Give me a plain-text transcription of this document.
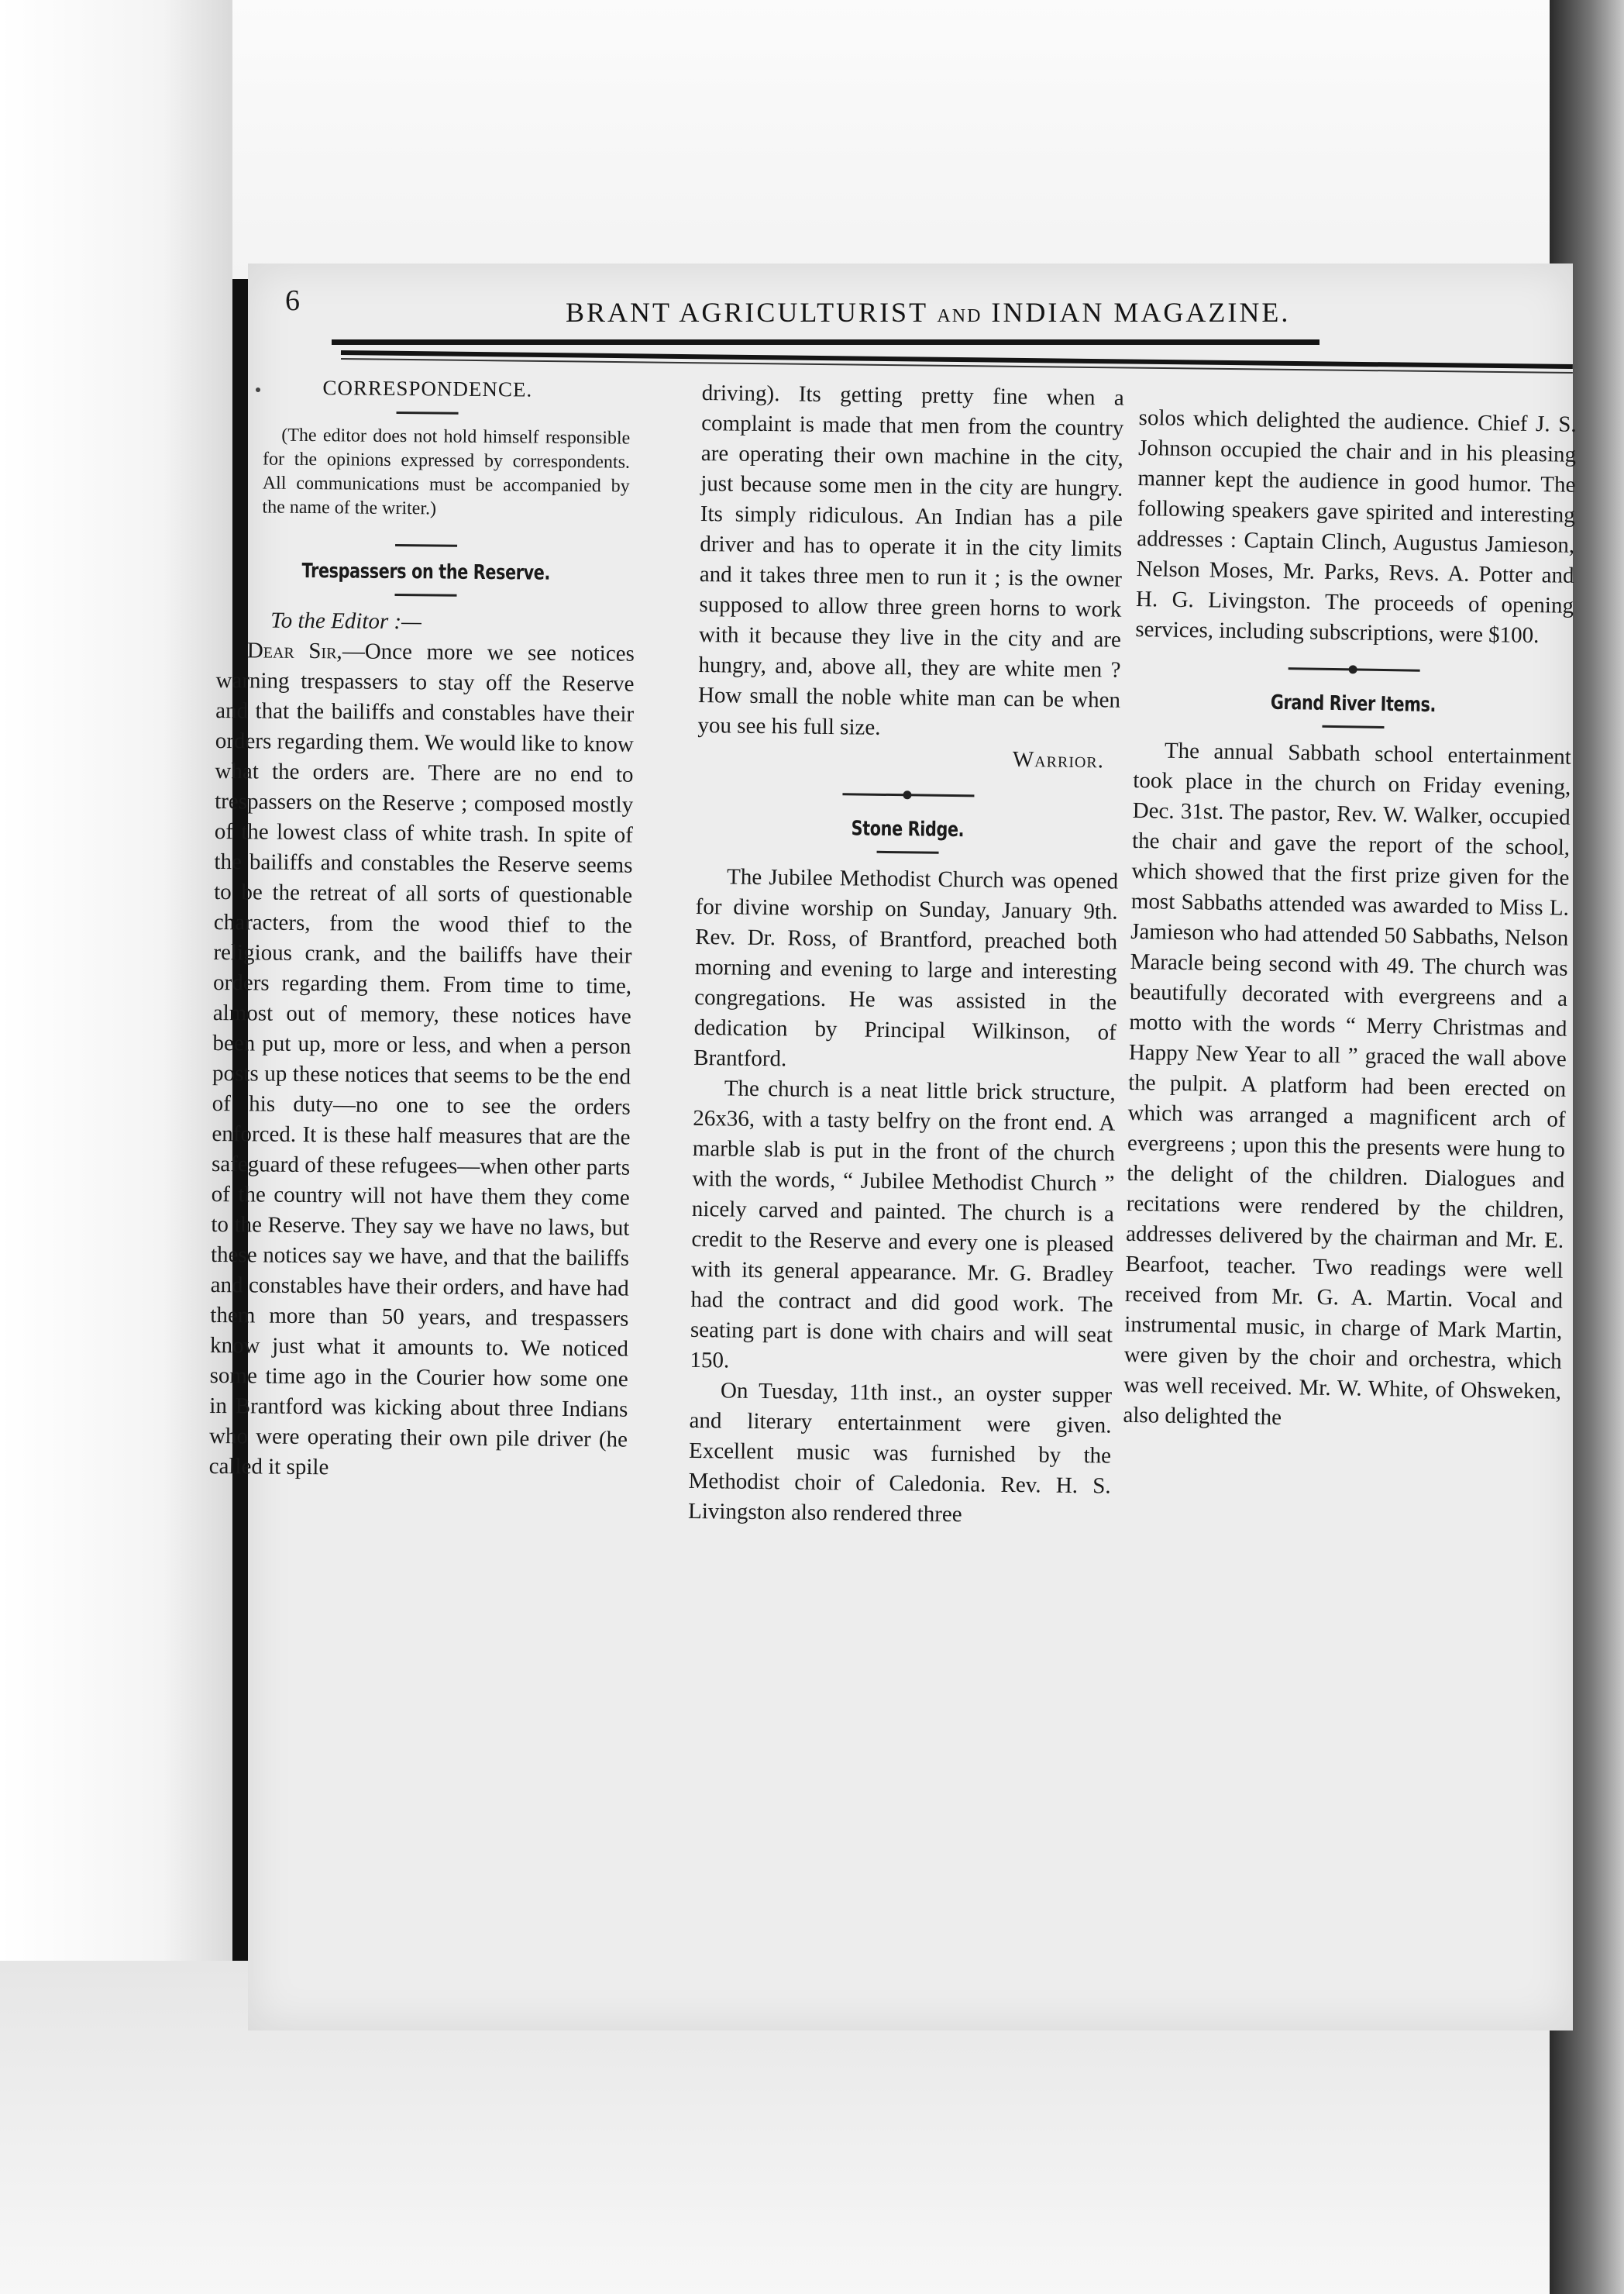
6	BRANT AGRICULTURIST AND INDIAN MAGAZINE.
CORRESPONDENCE.

(The editor does not hold himself responsible for the opinions expressed by correspondents. All communications must be accompanied by the name of the writer.)

Trespassers on the Reserve.

To the Editor :—

Dear Sir,—Once more we see notices warning trespassers to stay off the Reserve and that the bailiffs and constables have their orders regarding them. We would like to know what the orders are. There are no end to trespassers on the Reserve ; composed mostly of the lowest class of white trash. In spite of the bailiffs and constables the Reserve seems to be the retreat of all sorts of questionable characters, from the wood thief to the religious crank, and the bailiffs have their orders regarding them. From time to time, almost out of memory, these notices have been put up, more or less, and when a person posts up these notices that seems to be the end of his duty—no one to see the orders enforced. It is these half measures that are the safeguard of these refugees—when other parts of the country will not have them they come to the Reserve. They say we have no laws, but these notices say we have, and that the bailiffs and constables have their orders, and have had them more than 50 years, and trespassers know just what it amounts to. We noticed some time ago in the Courier how some one in Brantford was kicking about three Indians who were operating their own pile driver (he called it spile

driving). Its getting pretty fine when a complaint is made that men from the country are operating their own machine in the city, just because some men in the city are hungry. Its simply ridiculous. An Indian has a pile driver and has to operate it in the city limits and it takes three men to run it ; is the owner supposed to allow three green horns to work with it because they live in the city and are hungry, and, above all, they are white men ? How small the noble white man can be when you see his full size.

Warrior.

Stone Ridge.

The Jubilee Methodist Church was opened for divine worship on Sunday, January 9th. Rev. Dr. Ross, of Brantford, preached both morning and evening to large and interesting congregations. He was assisted in the dedication by Principal Wilkinson, of Brantford.

The church is a neat little brick structure, 26x36, with a tasty belfry on the front end. A marble slab is put in the front of the church with the words, “ Jubilee Methodist Church ” nicely carved and painted. The church is a credit to the Reserve and every one is pleased with its general appearance. Mr. G. Bradley had the contract and did good work. The seating part is done with chairs and will seat 150.

On Tuesday, 11th inst., an oyster supper and literary entertainment were given. Excellent music was furnished by the Methodist choir of Caledonia. Rev. H. S. Livingston also rendered three

solos which delighted the audience. Chief J. S. Johnson occupied the chair and in his pleasing manner kept the audience in good humor. The following speakers gave spirited and interesting addresses : Captain Clinch, Augustus Jamieson, Nelson Moses, Mr. Parks, Revs. A. Potter and H. G. Livingston. The proceeds of opening services, including subscriptions, were $100.

Grand River Items.

The annual Sabbath school entertainment took place in the church on Friday evening, Dec. 31st. The pastor, Rev. W. Walker, occupied the chair and gave the report of the school, which showed that the first prize given for the most Sabbaths attended was awarded to Miss L. Jamieson who had attended 50 Sabbaths, Nelson Maracle being second with 49. The church was beautifully decorated with evergreens and a motto with the words “ Merry Christmas and Happy New Year to all ” graced the wall above the pulpit. A platform had been erected on which was arranged a magnificent arch of evergreens ; upon this the presents were hung to the delight of the children. Dialogues and recitations were rendered by the children, addresses delivered by the chairman and Mr. E. Bearfoot, teacher. Two readings were well received from Mr. G. A. Martin. Vocal and instrumental music, in charge of Mark Martin, were given by the choir and orchestra, which was well received. Mr. W. White, of Ohsweken, also delighted the
